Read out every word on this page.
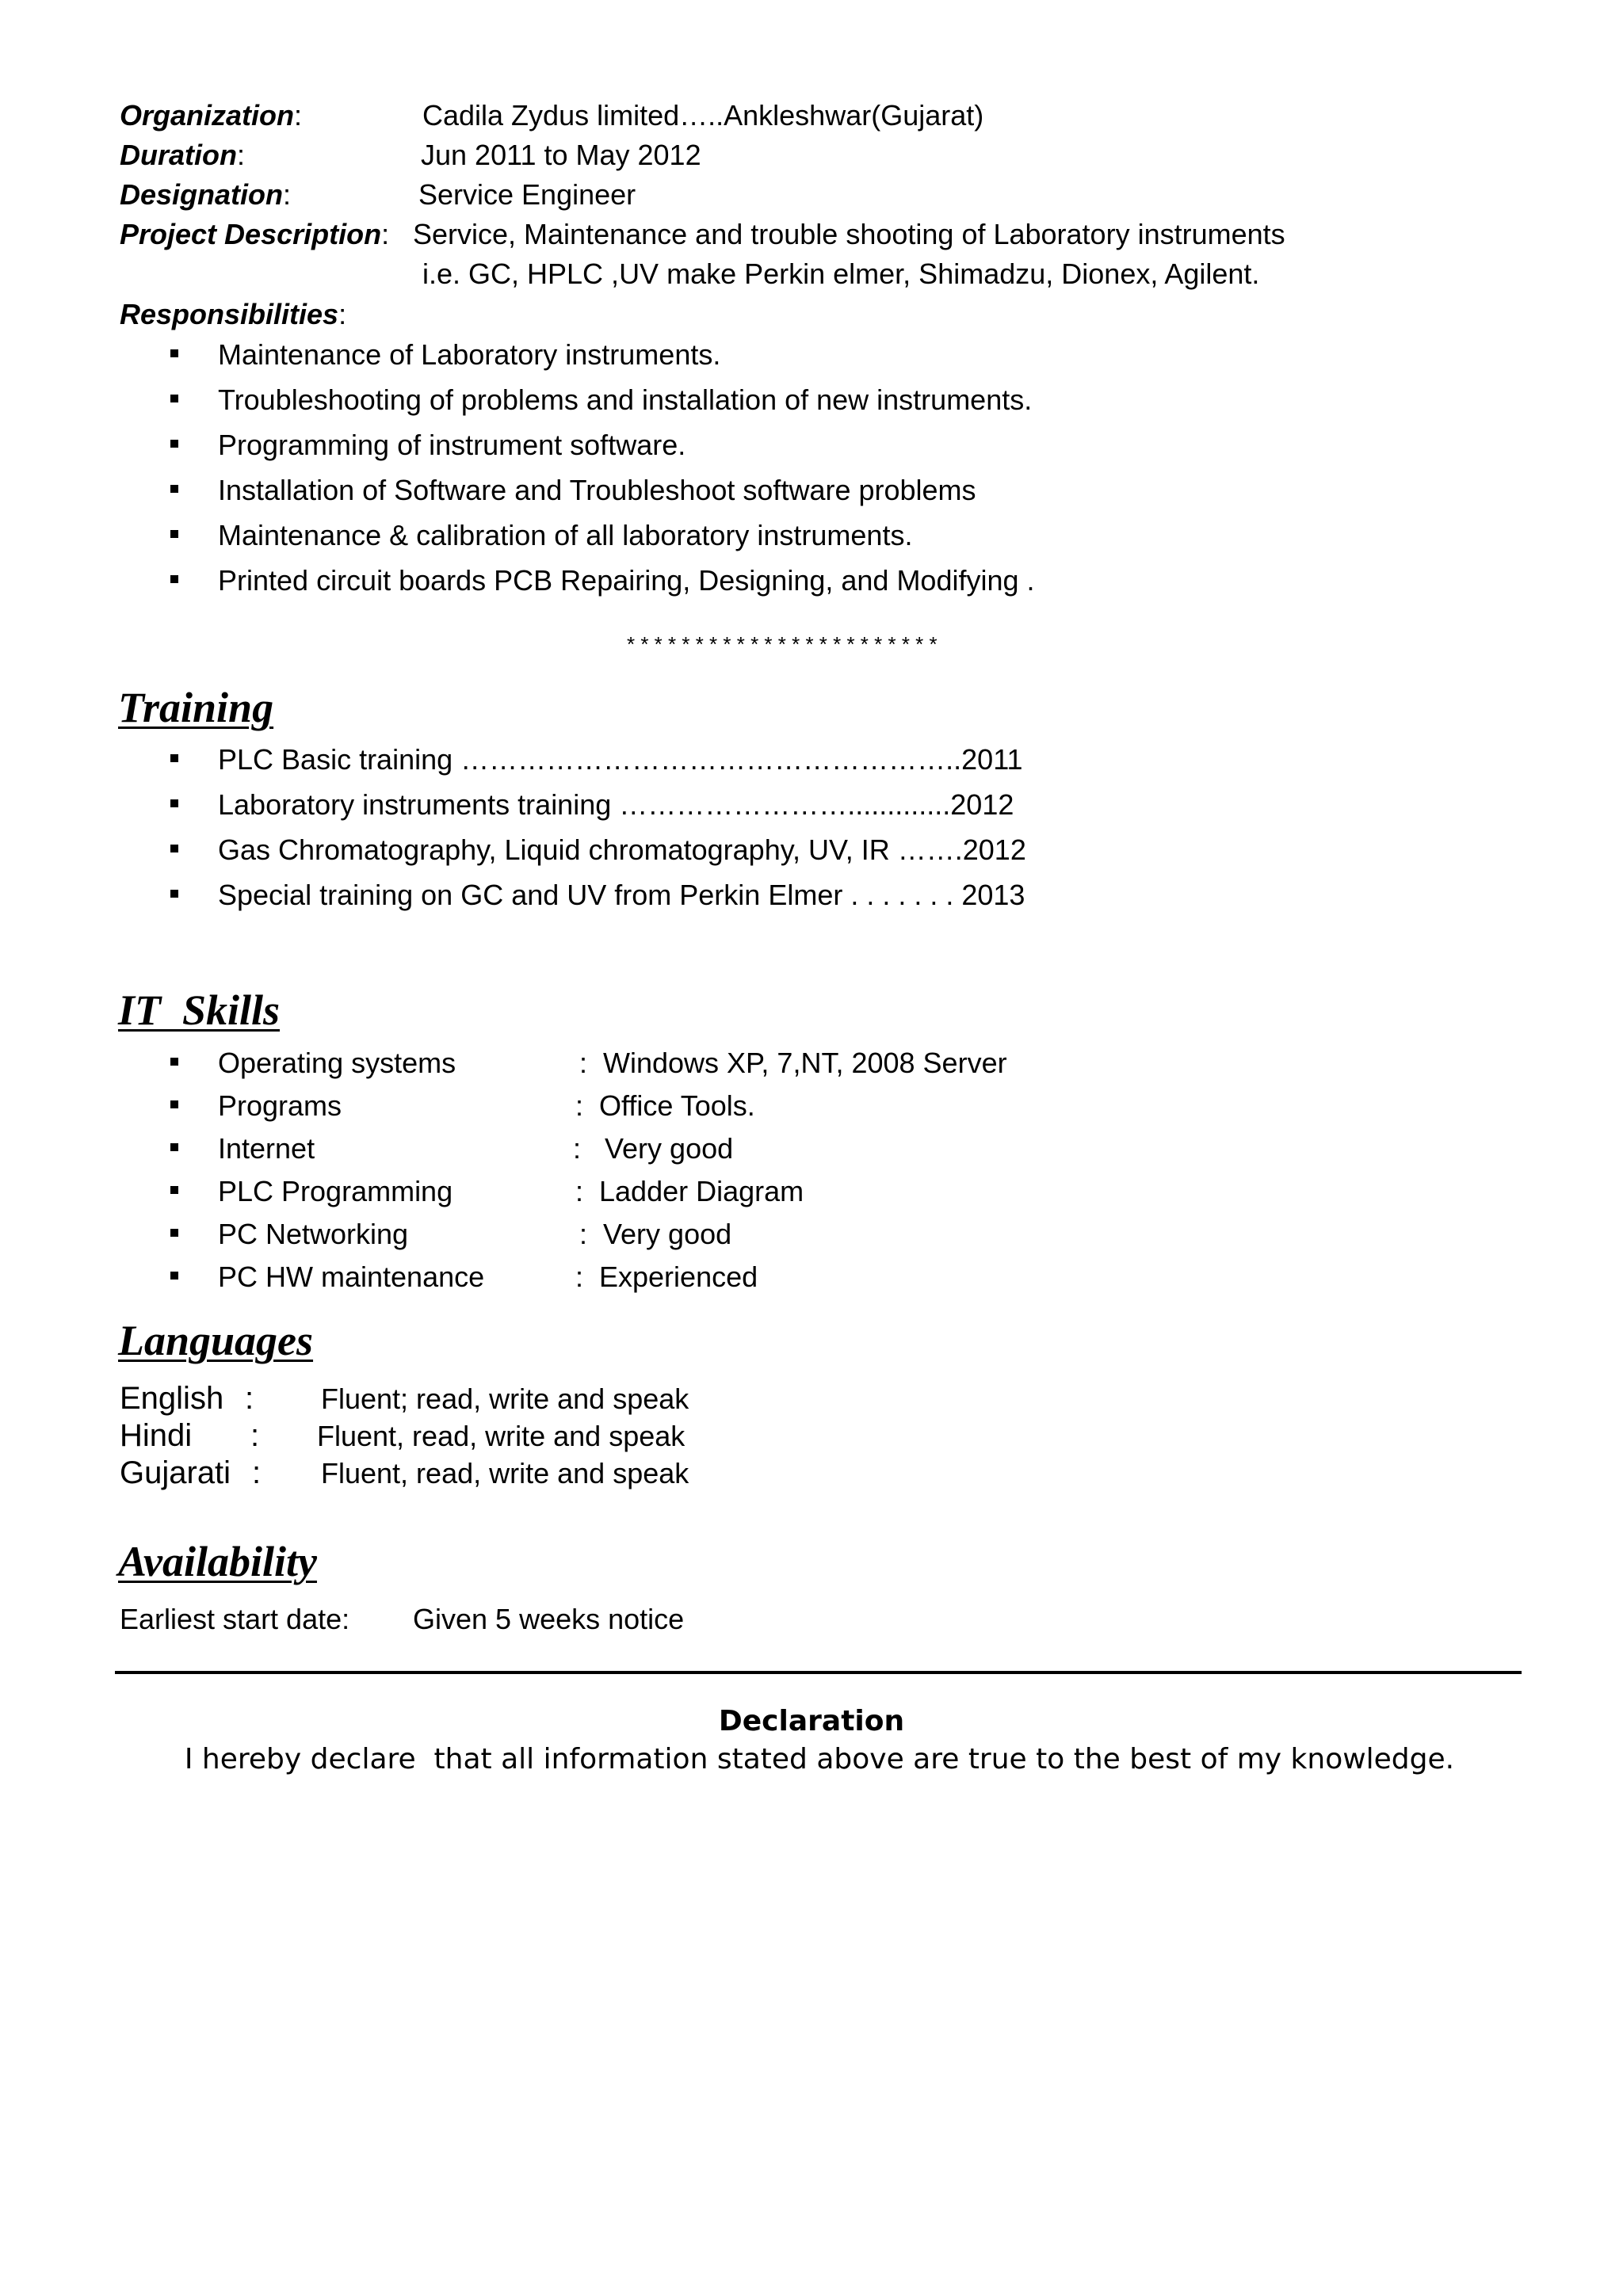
Organization:	Cadila Zydus limited…..Ankleshwar(Gujarat)
Duration:	Jun 2011 to May 2012
Designation:	Service Engineer
Project Description: Service, Maintenance and trouble shooting of Laboratory instruments
i.e. GC, HPLC ,UV make Perkin elmer, Shimadzu, Dionex, Agilent.
Responsibilities:
Maintenance of Laboratory instruments.
Troubleshooting of problems and installation of new instruments.
Programming of instrument software.
Installation of Software and Troubleshoot software problems
Maintenance & calibration of all laboratory instruments.
Printed circuit boards PCB Repairing, Designing, and Modifying .
* * * * * * * * * * * * * * * * * * * * * * *
Training
PLC Basic training ……………………………………………..2011
Laboratory instruments training …………………….............2012
Gas Chromatography, Liquid chromatography, UV, IR …….2012
Special training on GC and UV from Perkin Elmer . . . . . . . 2013
IT  Skills
Operating systems	:  Windows XP, 7,NT, 2008 Server
Programs	:  Office Tools.
Internet	:   Very good
PLC Programming	:  Ladder Diagram
PC Networking	:  Very good
PC HW maintenance	:  Experienced
Languages
English : Fluent; read, write and speak
Hindi : Fluent, read, write and speak
Gujarati : Fluent, read, write and speak
Availability
Earliest start date: Given 5 weeks notice
Declaration
I hereby declare  that all information stated above are true to the best of my knowledge.
